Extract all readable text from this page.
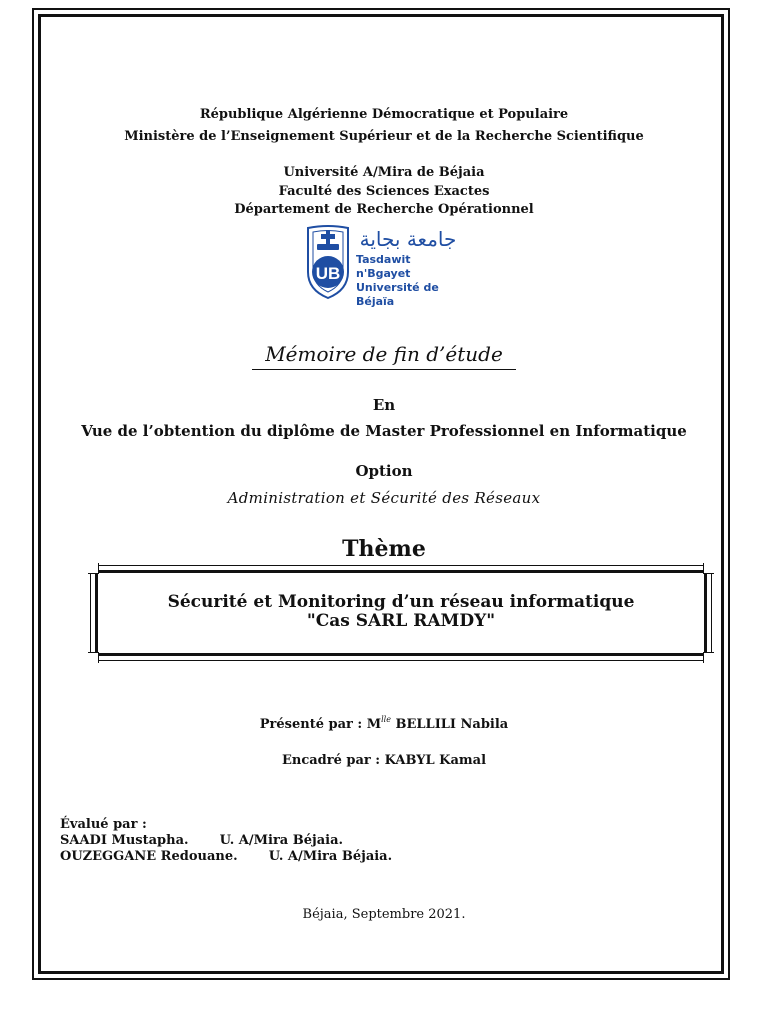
République Algérienne Démocratique et Populaire
Ministère de l’Enseignement Supérieur et de la Recherche Scientifique
Université A/Mira de Béjaia
Faculté des Sciences Exactes
Département de Recherche Opérationnel
UB
جامعة بجاية
Tasdawit n'Bgayet
Université de Béjaïa
Mémoire de fin d’étude
En
Vue de l’obtention du diplôme de Master Professionnel en Informatique
Option
Administration et Sécurité des Réseaux
Thème
Sécurité et Monitoring d’un réseau informatique
"Cas SARL RAMDY"
Présenté par : $M^{lle}$ BELLILI Nabila
Encadré par : KABYL Kamal
Évalué par :
SAADI Mustapha. U. A/Mira Béjaia.
OUZEGGANE Redouane. U. A/Mira Béjaia.
Béjaia, Septembre 2021.
